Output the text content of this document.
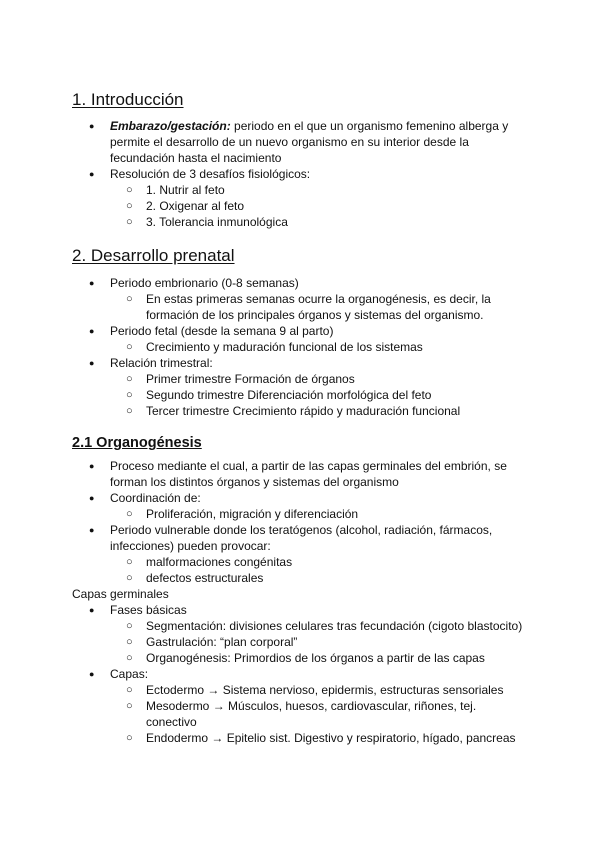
1. Introducción
● Embarazo/gestación: periodo en el que un organismo femenino alberga y

permite el desarrollo de un nuevo organismo en su interior desde la

fecundación hasta el nacimiento

● Resolución de 3 desafíos fisiológicos:

○ 1. Nutrir al feto

○ 2. Oxigenar al feto

○ 3. Tolerancia inmunológica

2. Desarrollo prenatal
● Periodo embrionario (0-8 semanas)

○ En estas primeras semanas ocurre la organogénesis, es decir, la

formación de los principales órganos y sistemas del organismo.

● Periodo fetal (desde la semana 9 al parto)

○ Crecimiento y maduración funcional de los sistemas

● Relación trimestral:

○ Primer trimestre Formación de órganos

○ Segundo trimestre Diferenciación morfológica del feto

○ Tercer trimestre Crecimiento rápido y maduración funcional

2.1 Organogénesis
● Proceso mediante el cual, a partir de las capas germinales del embrión, se

forman los distintos órganos y sistemas del organismo

● Coordinación de:

○ Proliferación, migración y diferenciación

● Periodo vulnerable donde los teratógenos (alcohol, radiación, fármacos,

infecciones) pueden provocar:

○ malformaciones congénitas

○ defectos estructurales

Capas germinales

● Fases básicas

○ Segmentación: divisiones celulares tras fecundación (cigoto blastocito)

○ Gastrulación: “plan corporal”

○ Organogénesis: Primordios de los órganos a partir de las capas

● Capas:

○ Ectodermo → Sistema nervioso, epidermis, estructuras sensoriales

○ Mesodermo → Músculos, huesos, cardiovascular, riñones, tej.

conectivo

○ Endodermo → Epitelio sist. Digestivo y respiratorio, hígado, pancreas
